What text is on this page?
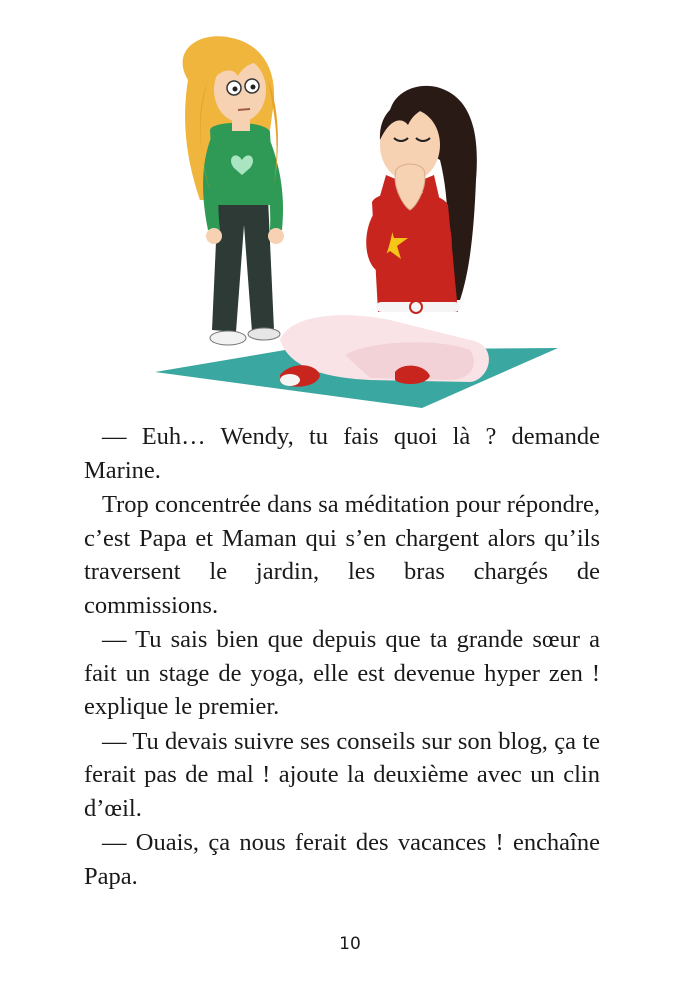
— Euh… Wendy, tu fais quoi là ? demande Marine.

Trop concentrée dans sa méditation pour répondre, c’est Papa et Maman qui s’en chargent alors qu’ils traversent le jardin, les bras chargés de commissions.

— Tu sais bien que depuis que ta grande sœur a fait un stage de yoga, elle est devenue hyper zen ! explique le premier.

— Tu devais suivre ses conseils sur son blog, ça te ferait pas de mal ! ajoute la deuxième avec un clin d’œil.

— Ouais, ça nous ferait des vacances ! enchaîne Papa.

10
